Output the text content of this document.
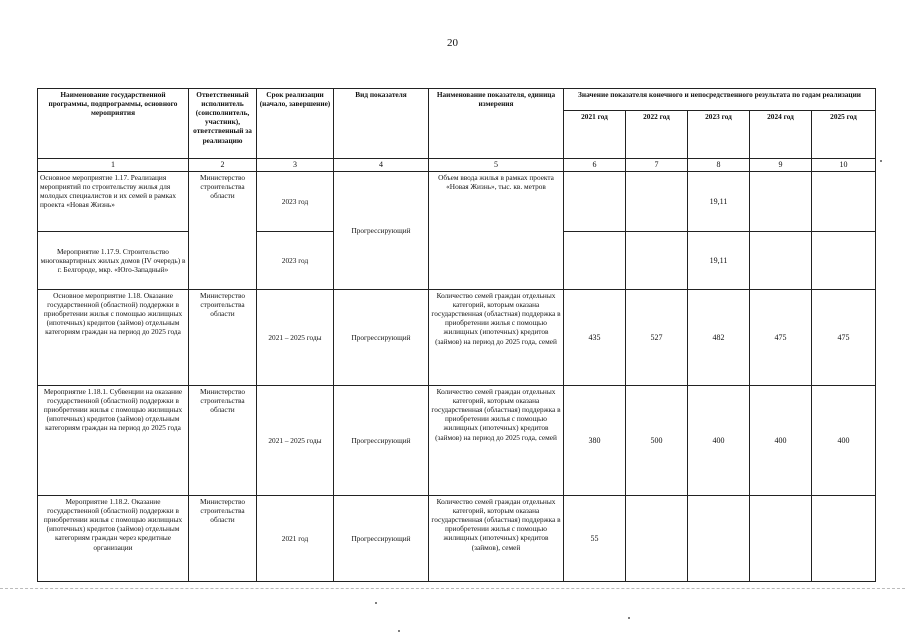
20
Наименование государственной программы, подпрограммы, основного мероприятия	Ответственный исполнитель (соисполнитель, участник), ответственный за реализацию	Срок реализации (начало, завершение)	Вид показателя	Наименование показателя, единица измерения	Значение показателя конечного и непосредственного результата по годам реализации				
					2021 год	2022 год	2023 год	2024 год	2025 год
1	2	3	4	5	6	7	8	9	10
Основное мероприятие 1.17. Реализация мероприятий по строительству жилья для молодых специалистов и их семей в рамках проекта «Новая Жизнь»	Министерство строительства области	2023 год	Прогрессирующий	Объем ввода жилья в рамках проекта «Новая Жизнь», тыс. кв. метров			19,11		
Мероприятие 1.17.9. Строительство многоквартирных жилых домов (IV очередь) в г. Белгороде, мкр. «Юго-Западный»		2023 год					19,11		
Основное мероприятие 1.18. Оказание государственной (областной) поддержки в приобретении жилья с помощью жилищных (ипотечных) кредитов (займов) отдельным категориям граждан на период до 2025 года	Министерство строительства области	2021 – 2025 годы	Прогрессирующий	Количество семей граждан отдельных категорий, которым оказана государственная (областная) поддержка в приобретении жилья с помощью жилищных (ипотечных) кредитов (займов) на период до 2025 года, семей	435	527	482	475	475
Мероприятие 1.18.1. Субвенции на оказание государственной (областной) поддержки в приобретении жилья с помощью жилищных (ипотечных) кредитов (займов) отдельным категориям граждан на период до 2025 года	Министерство строительства области	2021 – 2025 годы	Прогрессирующий	Количество семей граждан отдельных категорий, которым оказана государственная (областная) поддержка в приобретении жилья с помощью жилищных (ипотечных) кредитов (займов) на период до 2025 года, семей	380	500	400	400	400
Мероприятие 1.18.2. Оказание государственной (областной) поддержки в приобретении жилья с помощью жилищных (ипотечных) кредитов (займов) отдельным категориям граждан через кредитные организации	Министерство строительства области	2021 год	Прогрессирующий	Количество семей граждан отдельных категорий, которым оказана государственная (областная) поддержка в приобретении жилья с помощью жилищных (ипотечных) кредитов (займов), семей	55				
